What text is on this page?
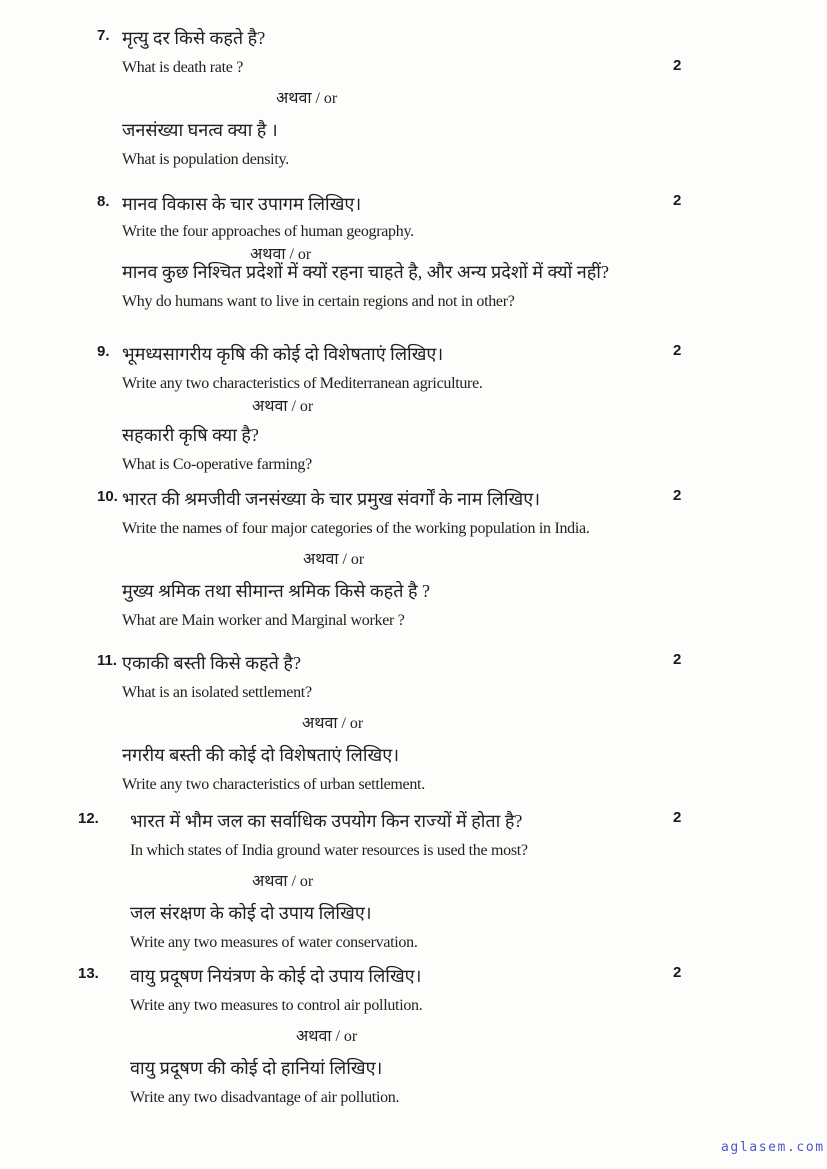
7. मृत्यु दर किसे कहते है?
What is death rate ?
अथवा / or
जनसंख्या घनत्व क्या है ।
What is population density.
2
8. मानव विकास के चार उपागम लिखिए।
Write the four approaches of human geography.
अथवा / or
मानव कुछ निश्चित प्रदेशों में क्यों रहना चाहते है, और अन्य प्रदेशों में क्यों नहीं?
Why do humans want to live in certain regions and not in other?
2
9. भूमध्यसागरीय कृषि की कोई दो विशेषताएं लिखिए।
Write any two characteristics of Mediterranean agriculture.
अथवा / or
सहकारी कृषि क्या है?
What is Co-operative farming?
2
10. भारत की श्रमजीवी जनसंख्या के चार प्रमुख संवर्गों के नाम लिखिए।
Write the names of four major categories of the working population in India.
अथवा / or
मुख्य श्रमिक तथा सीमान्त श्रमिक किसे कहते है ?
What are Main worker and Marginal worker ?
2
11. एकाकी बस्ती किसे कहते है?
What is an isolated settlement?
अथवा / or
नगरीय बस्ती की कोई दो विशेषताएं लिखिए।
Write any two characteristics of urban settlement.
2
12. भारत में भौम जल का सर्वाधिक उपयोग किन राज्यों में होता है?
In which states of India ground water resources is used the most?
अथवा / or
जल संरक्षण के कोई दो उपाय लिखिए।
Write any two measures of water conservation.
2
13. वायु प्रदूषण नियंत्रण के कोई दो उपाय लिखिए।
Write any two measures to control air pollution.
अथवा / or
वायु प्रदूषण की कोई दो हानियां लिखिए।
Write any two disadvantage of air pollution.
2
aglasem.com
